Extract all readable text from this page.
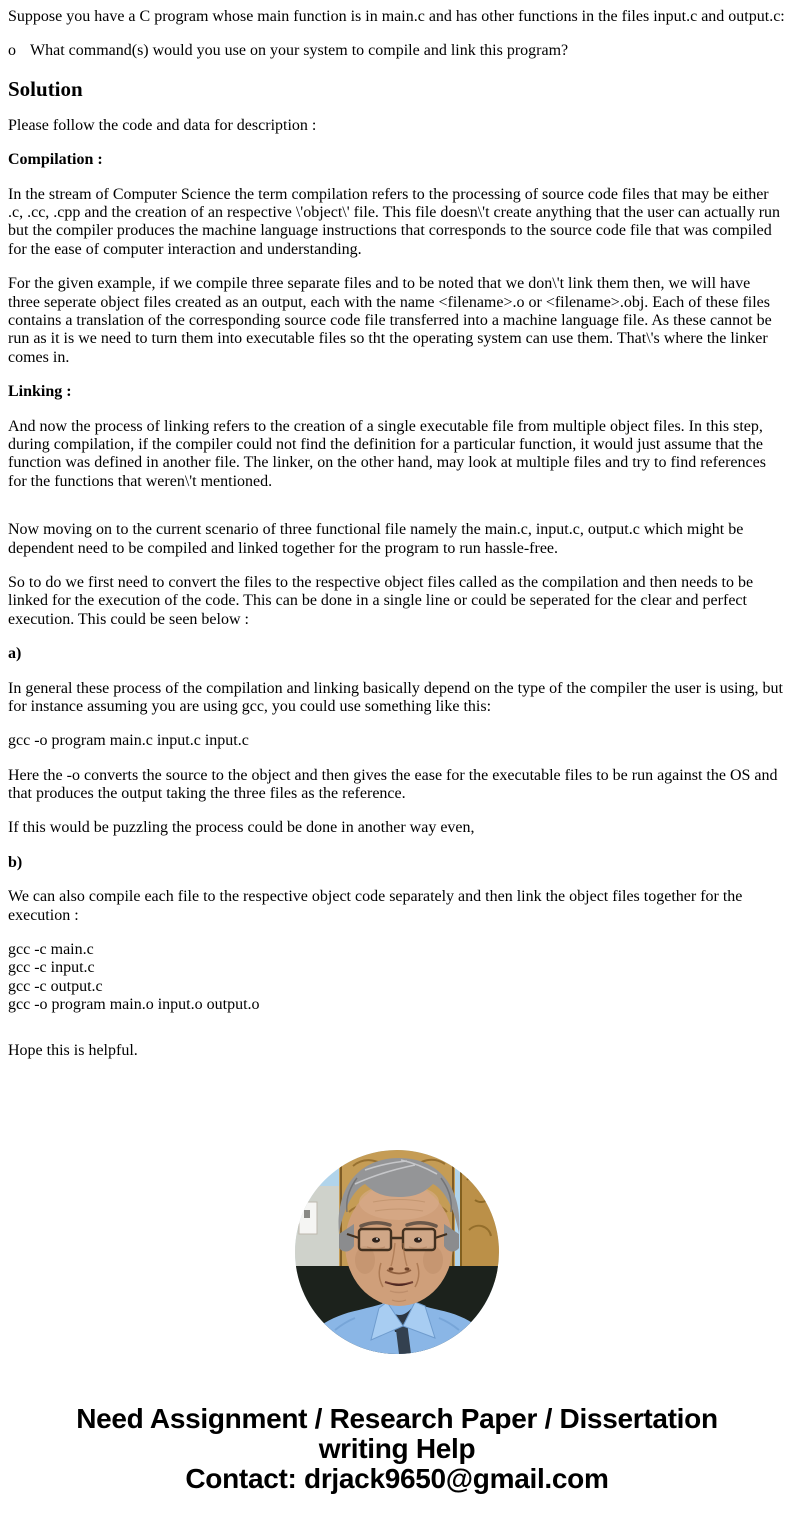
Suppose you have a C program whose main function is in main.c and has other functions in the files input.c and output.c:

o What command(s) would you use on your system to compile and link this program?

Solution

Please follow the code and data for description :

Compilation :

In the stream of Computer Science the term compilation refers to the processing of source code files that may be either .c, .cc, .cpp and the creation of an respective \'object\' file. This file doesn\'t create anything that the user can actually run but the compiler produces the machine language instructions that corresponds to the source code file that was compiled for the ease of computer interaction and understanding.

For the given example, if we compile three separate files and to be noted that we don\'t link them then, we will have three seperate object files created as an output, each with the name <filename>.o or <filename>.obj. Each of these files contains a translation of the corresponding source code file transferred into a machine language file. As these cannot be run as it is we need to turn them into executable files so tht the operating system can use them. That\'s where the linker comes in.

Linking :

And now the process of linking refers to the creation of a single executable file from multiple object files. In this step, during compilation, if the compiler could not find the definition for a particular function, it would just assume that the function was defined in another file. The linker, on the other hand, may look at multiple files and try to find references for the functions that weren\'t mentioned.

Now moving on to the current scenario of three functional file namely the main.c, input.c, output.c which might be dependent need to be compiled and linked together for the program to run hassle-free.

So to do we first need to convert the files to the respective object files called as the compilation and then needs to be linked for the execution of the code. This can be done in a single line or could be seperated for the clear and perfect execution. This could be seen below :

a)

In general these process of the compilation and linking basically depend on the type of the compiler the user is using, but for instance assuming you are using gcc, you could use something like this:

gcc -o program main.c input.c input.c

Here the -o converts the source to the object and then gives the ease for the executable files to be run against the OS and that produces the output taking the three files as the reference.

If this would be puzzling the process could be done in another way even,

b)

We can also compile each file to the respective object code separately and then link the object files together for the execution :

gcc -c main.c
gcc -c input.c
gcc -c output.c
gcc -o program main.o input.o output.o

Hope this is helpful.

Need Assignment / Research Paper / Dissertation
writing Help
Contact: drjack9650@gmail.com
